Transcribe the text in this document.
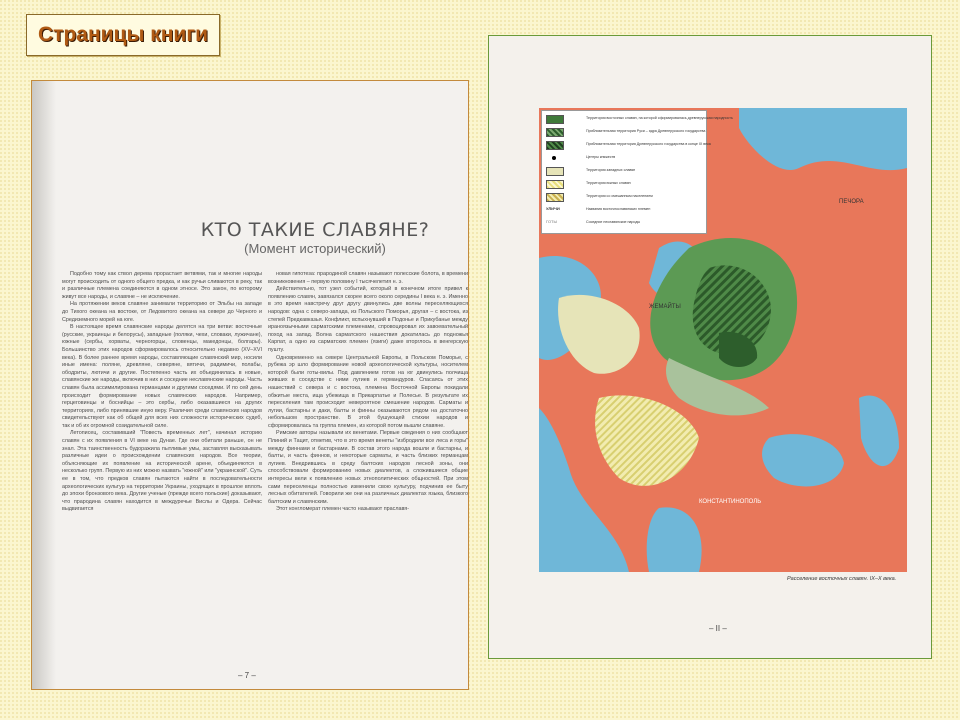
Страницы книги
КТО ТАКИЕ СЛАВЯНЕ?
(Момент исторический)

Подобно тому как ствол дерева прорастает ветвями, так и многие народы могут происходить от одного общего предка, и как ручьи сливаются в реку, так и различные племена соединяются в одном этносе. Это закон, по которому живут все народы, и славяне – не исключение.

На протяжении веков славяне занимали территорию от Эльбы на западе до Тихого океана на востоке, от Ледовитого океана на севере до Черного и Средиземного морей на юге.

В настоящее время славянские народы делятся на три ветви: восточные (русские, украинцы и белорусы), западные (поляки, чехи, словаки, лужичане), южные (сербы, хорваты, черногорцы, словенцы, македонцы, болгары). Большинство этих народов сформировалось относительно недавно (XV–XVI века). В более раннее время народы, составляющие славянский мир, носили иные имена: поляне, древляне, северяне, вятичи, радимичи, полабы, ободриты, лютичи и другие. Постепенно часть их объединилась в новые, славянские же народы, включив в них и соседние неславянские народы. Часть славян была ассимилирована германцами и другими соседями. И по сей день происходит формирование новых славянских народов. Например, герцеговинцы и боснийцы – это сербы, либо оказавшиеся на других территориях, либо принявшие иную веру. Различия среди славянских народов свидетельствуют как об общей для всех них сложности исторических судеб, так и об их огромной созидательной силе.

Летописец, составивший "Повесть временных лет", начинал историю славян с их появления в VI веке на Дунае. Где они обитали раньше, он не знал. Эта таинственность будоражила пытливые умы, заставляя высказывать различные идеи о происхождении славянских народов. Все теории, объясняющие их появление на исторической арене, объединяются в несколько групп. Первую из них можно назвать "южной" или "украинской". Суть ее в том, что предков славян пытаются найти в последовательности археологических культур на территории Украины, уходящих в прошлое вплоть до эпохи бронзового века. Другие ученые (прежде всего польские) доказывают, что прародина славян находится в междуречье Вислы и Одера. Сейчас выдвигается

новая гипотеза: прародиной славян называют полесские болота, в времени возникновения – первую половину I тысячелетия н. э.

Действительно, тот узел событий, который в конечном итоге привел к появлению славян, завязался скорее всего около середины I века н. э. Именно в это время навстречу друг другу двинулись две волны переселяющихся народов: одна с северо-запада, из Польского Поморья, другая – с востока, из степей Предкавказья. Конфликт, вспыхнувший в Подонье и Прикубанье между ираноязычными сарматскими племенами, спровоцировал их завоевательный поход на запад. Волна сарматского нашествия докатилась до подножья Карпат, а одно из сарматских племен (язиги) даже вторглось в венгерскую пушту.

Одновременно на севере Центральной Европы, в Польском Поморье, с рубежа эр шло формирование новой археологической культуры, носителем которой были готы-вилы. Под давлением готов на юг двинулись полчища живших в соседстве с ними лугиев и германдуров. Спасаясь от этих нашествий с севера и с востока, племена Восточной Европы покидали обжитые места, ища убежища в Прикарпатье и Полесье. В результате их переселения там происходит невероятное смешение народов. Сарматы и лугии, бастарны и даки, балты и финны оказываются рядом на достаточно небольшом пространстве. В этой бушующей стихии народов и сформировалась та группа племен, из которой потом вышли славяне.

Римские авторы называли их венетами. Первые сведения о них сообщают Плиний и Тацит, отметив, что в это время венеты "избродили все леса и горы" между финнами и бастарнами. В состав этого народа вошли и бастарны, и балты, и часть финнов, и некоторые сарматы, и часть близких германцам лугиев. Внедрившись в среду балтских народов лесной зоны, они способствовали формированию новых диалектов, а сложившиеся общие интересы вели к появлению новых этнополитических общностей. При этом сами переселенцы полностью изменили свою культуру, подчинив ее быту лесных обитателей. Говорили же они на различных диалектах языка, близкого балтским и славянским.

Этот конгломерат племен часто называют праславя-

– 7 –
ПЕЧОРА
ЖЕМАЙТЫ
КОНСТАНТИНОПОЛЬ
Территория восточных славян, на которой сформировалась древнерусская народность
Приблизительная территория Руси – ядра Древнерусского государства
Приблизительная территория Древнерусского государства в конце IX века
Центры княжеств
Территория западных славян
Территория южных славян
Территория со смешанным населением
УЛИЧИ	Названия восточнославянских племен
ГОТЫ	Соседние неславянские народы
Расселение восточных славян. IX–X века.
– II –
